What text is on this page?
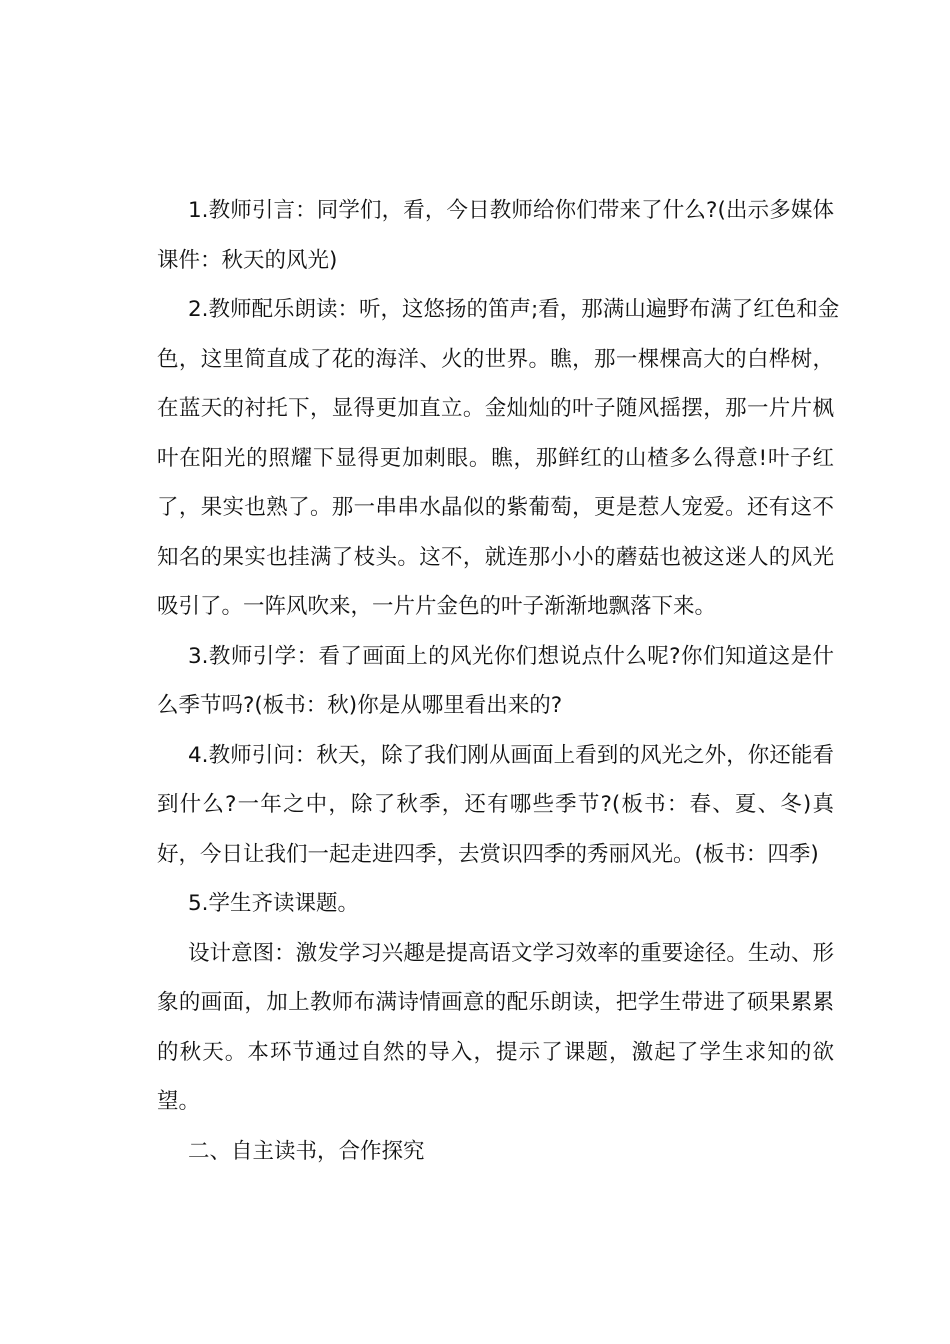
1.教师引言：同学们，看，今日教师给你们带来了什么?(出示多媒体
课件：秋天的风光)

2.教师配乐朗读：听，这悠扬的笛声;看，那满山遍野布满了红色和金
色，这里简直成了花的海洋、火的世界。瞧，那一棵棵高大的白桦树，
在蓝天的衬托下，显得更加直立。金灿灿的叶子随风摇摆，那一片片枫
叶在阳光的照耀下显得更加刺眼。瞧，那鲜红的山楂多么得意!叶子红
了，果实也熟了。那一串串水晶似的紫葡萄，更是惹人宠爱。还有这不
知名的果实也挂满了枝头。这不，就连那小小的蘑菇也被这迷人的风光
吸引了。一阵风吹来，一片片金色的叶子渐渐地飘落下来。

3.教师引学：看了画面上的风光你们想说点什么呢?你们知道这是什
么季节吗?(板书：秋)你是从哪里看出来的?

4.教师引问：秋天，除了我们刚从画面上看到的风光之外，你还能看
到什么?一年之中，除了秋季，还有哪些季节?(板书：春、夏、冬)真
好，今日让我们一起走进四季，去赏识四季的秀丽风光。(板书：四季)

5.学生齐读课题。

设计意图：激发学习兴趣是提高语文学习效率的重要途径。生动、形
象的画面，加上教师布满诗情画意的配乐朗读，把学生带进了硕果累累
的秋天。本环节通过自然的导入，提示了课题，激起了学生求知的欲
望。

二、自主读书，合作探究
